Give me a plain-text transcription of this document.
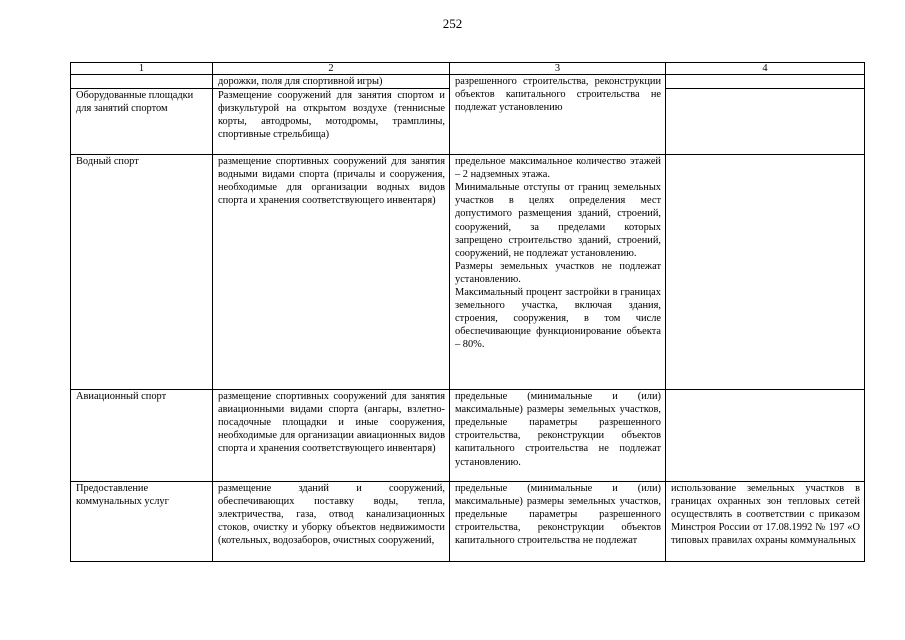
252
1	2	3	4

	дорожки, поля для спортивной игры)	разрешенного строительства, реконструкции объектов капитального строительства не подлежат установлению	

Оборудованные площадки для занятий спортом	Размещение сооружений для занятия спортом и физкультурой на открытом воздухе (теннисные корты, автодромы, мотодромы, трамплины, спортивные стрельбища)		

Водный спорт	размещение спортивных сооружений для занятия водными видами спорта (причалы и сооружения, необходимые для организации водных видов спорта и хранения соответствующего инвентаря)	предельное максимальное количество этажей – 2 надземных этажа.
Минимальные отступы от границ земельных участков в целях определения мест допустимого размещения зданий, строений, сооружений, за пределами которых запрещено строительство зданий, строений, сооружений, не подлежат установлению.
Размеры земельных участков не подлежат установлению.
Максимальный процент застройки в границах земельного участка, включая здания, строения, сооружения, в том числе обеспечивающие функционирование объекта – 80%.	

Авиационный спорт	размещение спортивных сооружений для занятия авиационными видами спорта (ангары, взлетно-посадочные площадки и иные сооружения, необходимые для организации авиационных видов спорта и хранения соответствующего инвентаря)	предельные (минимальные и (или) максимальные) размеры земельных участков, предельные параметры разрешенного строительства, реконструкции объектов капитального строительства не подлежат установлению.	

Предоставление коммунальных услуг	размещение зданий и сооружений, обеспечивающих поставку воды, тепла, электричества, газа, отвод канализационных стоков, очистку и уборку объектов недвижимости (котельных, водозаборов, очистных сооружений,	предельные (минимальные и (или) максимальные) размеры земельных участков, предельные параметры разрешенного строительства, реконструкции объектов капитального строительства не подлежат	использование земельных участков в границах охранных зон тепловых сетей осуществлять в соответствии с приказом Минстроя России от 17.08.1992 № 197 «О типовых правилах охраны коммунальных
